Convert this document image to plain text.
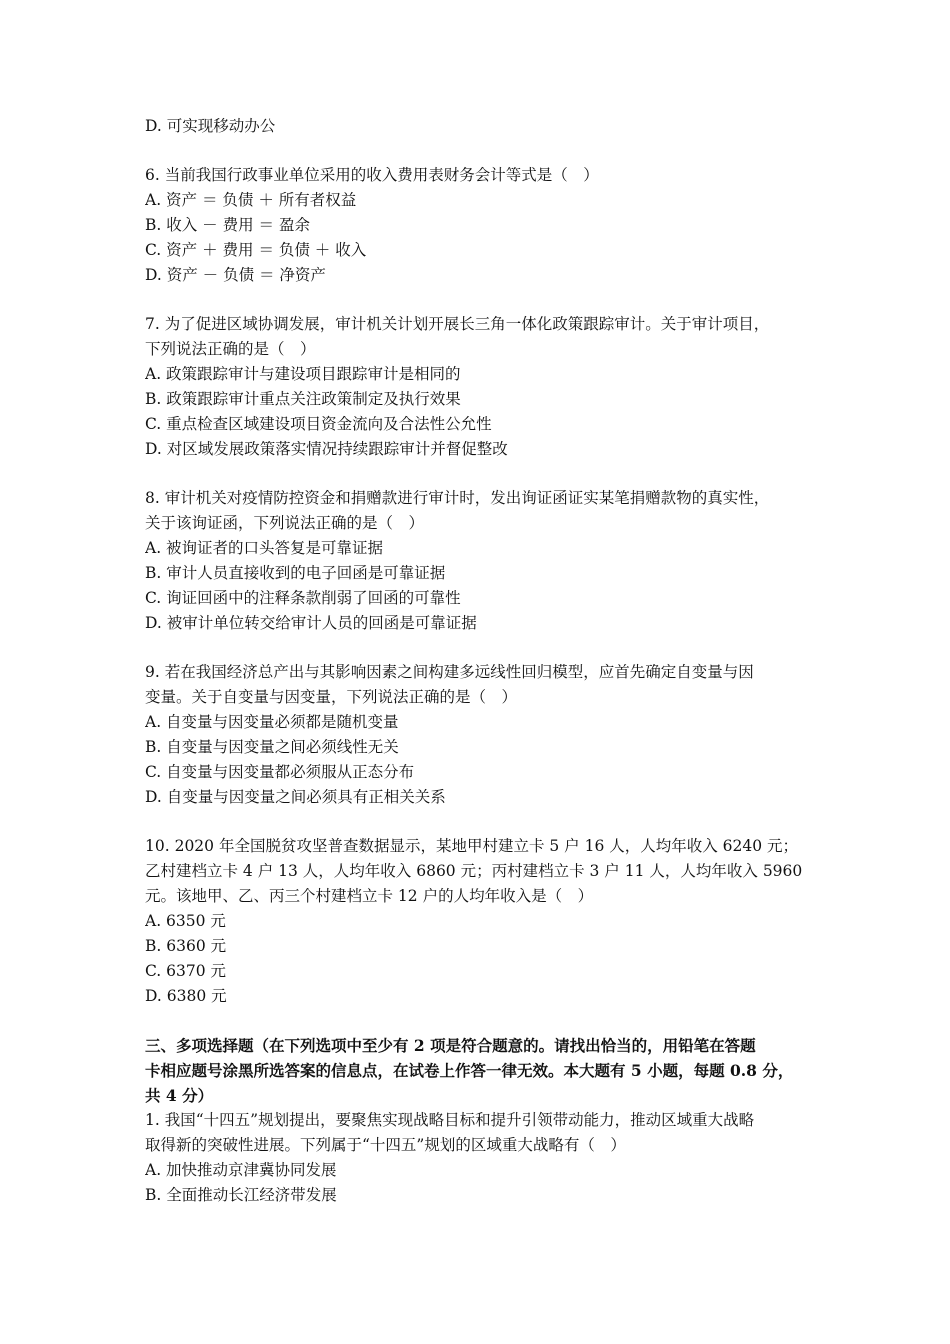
D. 可实现移动办公
6. 当前我国行政事业单位采用的收入费用表财务会计等式是（　）
A. 资产 ＝ 负债 ＋ 所有者权益
B. 收入 － 费用 ＝ 盈余
C. 资产 ＋ 费用 ＝ 负债 ＋ 收入
D. 资产 － 负债 ＝ 净资产
7. 为了促进区域协调发展，审计机关计划开展长三角一体化政策跟踪审计。关于审计项目，
下列说法正确的是（　）
A. 政策跟踪审计与建设项目跟踪审计是相同的
B. 政策跟踪审计重点关注政策制定及执行效果
C. 重点检查区域建设项目资金流向及合法性公允性
D. 对区域发展政策落实情况持续跟踪审计并督促整改
8. 审计机关对疫情防控资金和捐赠款进行审计时，发出询证函证实某笔捐赠款物的真实性，
关于该询证函，下列说法正确的是（　）
A. 被询证者的口头答复是可靠证据
B. 审计人员直接收到的电子回函是可靠证据
C. 询证回函中的注释条款削弱了回函的可靠性
D. 被审计单位转交给审计人员的回函是可靠证据
9. 若在我国经济总产出与其影响因素之间构建多远线性回归模型，应首先确定自变量与因
变量。关于自变量与因变量，下列说法正确的是（　）
A. 自变量与因变量必须都是随机变量
B. 自变量与因变量之间必须线性无关
C. 自变量与因变量都必须服从正态分布
D. 自变量与因变量之间必须具有正相关关系
10. 2020 年全国脱贫攻坚普查数据显示，某地甲村建立卡 5 户 16 人，人均年收入 6240 元；
乙村建档立卡 4 户 13 人，人均年收入 6860 元；丙村建档立卡 3 户 11 人，人均年收入 5960
元。该地甲、乙、丙三个村建档立卡 12 户的人均年收入是（　）
A. 6350 元
B. 6360 元
C. 6370 元
D. 6380 元
三、多项选择题（在下列选项中至少有 2 项是符合题意的。请找出恰当的，用铅笔在答题
卡相应题号涂黑所选答案的信息点，在试卷上作答一律无效。本大题有 5 小题，每题 0.8 分，
共 4 分）
1. 我国“十四五”规划提出，要聚焦实现战略目标和提升引领带动能力，推动区域重大战略
取得新的突破性进展。下列属于“十四五”规划的区域重大战略有（　）
A. 加快推动京津冀协同发展
B. 全面推动长江经济带发展
